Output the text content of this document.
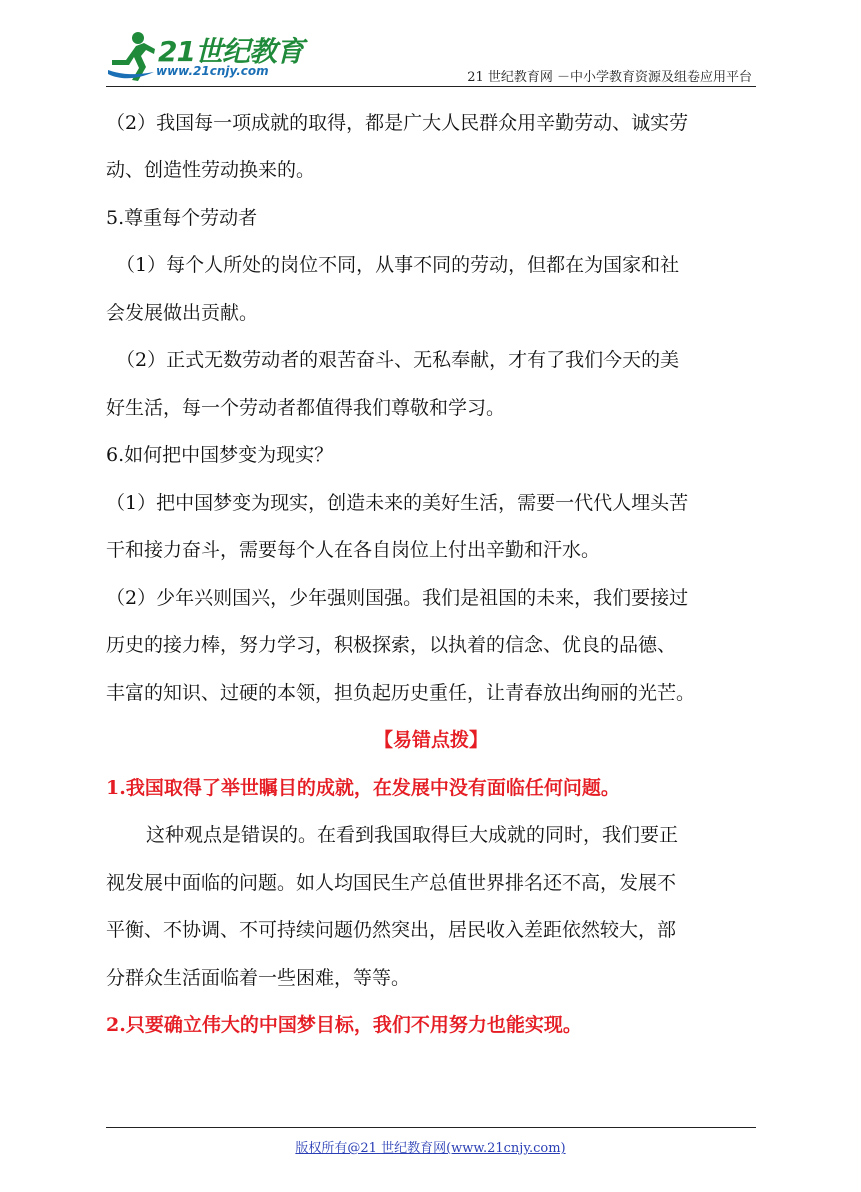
21世纪教育
www.21cnjy.com	21 世纪教育网 －中小学教育资源及组卷应用平台
（2）我国每一项成就的取得，都是广大人民群众用辛勤劳动、诚实劳
动、创造性劳动换来的。
5.尊重每个劳动者
（1）每个人所处的岗位不同，从事不同的劳动，但都在为国家和社
会发展做出贡献。
（2）正式无数劳动者的艰苦奋斗、无私奉献，才有了我们今天的美
好生活，每一个劳动者都值得我们尊敬和学习。
6.如何把中国梦变为现实？
（1）把中国梦变为现实，创造未来的美好生活，需要一代代人埋头苦
干和接力奋斗，需要每个人在各自岗位上付出辛勤和汗水。
（2）少年兴则国兴，少年强则国强。我们是祖国的未来，我们要接过
历史的接力棒，努力学习，积极探索，以执着的信念、优良的品德、
丰富的知识、过硬的本领，担负起历史重任，让青春放出绚丽的光芒。
【易错点拨】
1.我国取得了举世瞩目的成就，在发展中没有面临任何问题。
这种观点是错误的。在看到我国取得巨大成就的同时，我们要正
视发展中面临的问题。如人均国民生产总值世界排名还不高，发展不
平衡、不协调、不可持续问题仍然突出，居民收入差距依然较大，部
分群众生活面临着一些困难，等等。
2.只要确立伟大的中国梦目标，我们不用努力也能实现。
版权所有@21 世纪教育网(www.21cnjy.com)
